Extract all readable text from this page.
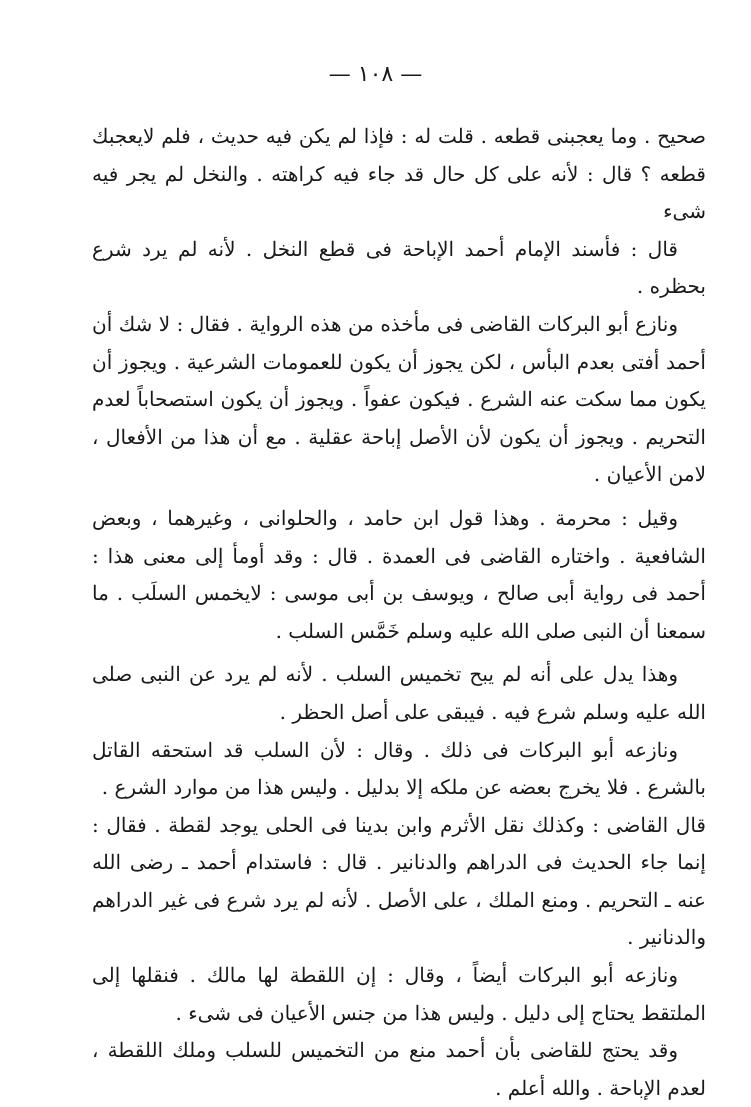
— ١٠٨ —

صحيح . وما يعجبنى قطعه . قلت له : فإذا لم يكن فيه حديث ، فلم لايعجبك قطعه ؟ قال : لأنه على كل حال قد جاء فيه كراهته . والنخل لم يجر فيه شىء

قال : فأسند الإمام أحمد الإباحة فى قطع النخل . لأنه لم يرد شرع بحظره .

ونازع أبو البركات القاضى فى مأخذه من هذه الرواية . فقال : لا شك أن أحمد أفتى بعدم البأس ، لكن يجوز أن يكون للعمومات الشرعية . ويجوز أن يكون مما سكت عنه الشرع . فيكون عفواً . ويجوز أن يكون استصحاباً لعدم التحريم . ويجوز أن يكون لأن الأصل إباحة عقلية . مع أن هذا من الأفعال ، لامن الأعيان .

وقيل : محرمة . وهذا قول ابن حامد ، والحلوانى ، وغيرهما ، وبعض الشافعية . واختاره القاضى فى العمدة . قال : وقد أومأ إلى معنى هذا : أحمد فى رواية أبى صالح ، ويوسف بن أبى موسى : لايخمس السلَب . ما سمعنا أن النبى صلى الله عليه وسلم خَمَّس السلب .

وهذا يدل على أنه لم يبح تخميس السلب . لأنه لم يرد عن النبى صلى الله عليه وسلم شرع فيه . فيبقى على أصل الحظر .

ونازعه أبو البركات فى ذلك . وقال : لأن السلب قد استحقه القاتل بالشرع . فلا يخرج بعضه عن ملكه إلا بدليل . وليس هذا من موارد الشرع .

قال القاضى : وكذلك نقل الأثرم وابن بدينا فى الحلى يوجد لقطة . فقال : إنما جاء الحديث فى الدراهم والدنانير . قال : فاستدام أحمد ـ رضى الله عنه ـ التحريم . ومنع الملك ، على الأصل . لأنه لم يرد شرع فى غير الدراهم والدنانير .

ونازعه أبو البركات أيضاً ، وقال : إن اللقطة لها مالك . فنقلها إلى الملتقط يحتاج إلى دليل . وليس هذا من جنس الأعيان فى شىء .

وقد يحتج للقاضى بأن أحمد منع من التخميس للسلب وملك اللقطة ، لعدم الإباحة . والله أعلم .
